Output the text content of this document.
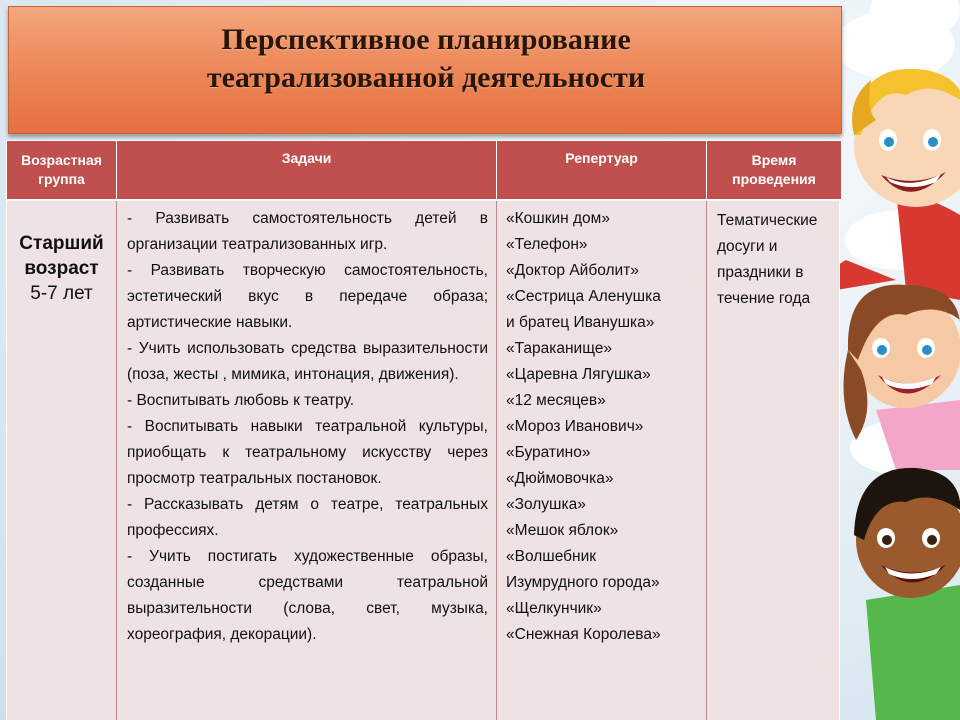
Перспективное планирование
театрализованной деятельности
Возрастная
группа
Задачи	Репертуар	Время
проведения
Старший
возраст
5-7 лет
- Развивать самостоятельность детей в организации театрализованных игр.
- Развивать творческую самостоятельность, эстетический вкус в передаче образа; артистические навыки.
- Учить использовать средства выразительности (поза, жесты , мимика, интонация, движения).
- Воспитывать любовь к театру.
- Воспитывать навыки театральной культуры, приобщать к театральному искусству через просмотр театральных постановок.
- Рассказывать детям о театре, театральных профессиях.
- Учить постигать художественные образы, созданные средствами театральной выразительности (слова, свет, музыка, хореография, декорации).
«Кошкин дом»
«Телефон»
«Доктор Айболит»
«Сестрица Аленушка
и братец Иванушка»
«Тараканище»
«Царевна Лягушка»
«12 месяцев»
«Мороз Иванович»
«Буратино»
«Дюймовочка»
«Золушка»
«Мешок яблок»
«Волшебник
Изумрудного города»
«Щелкунчик»
«Снежная Королева»
Тематические досуги и праздники в течение года
